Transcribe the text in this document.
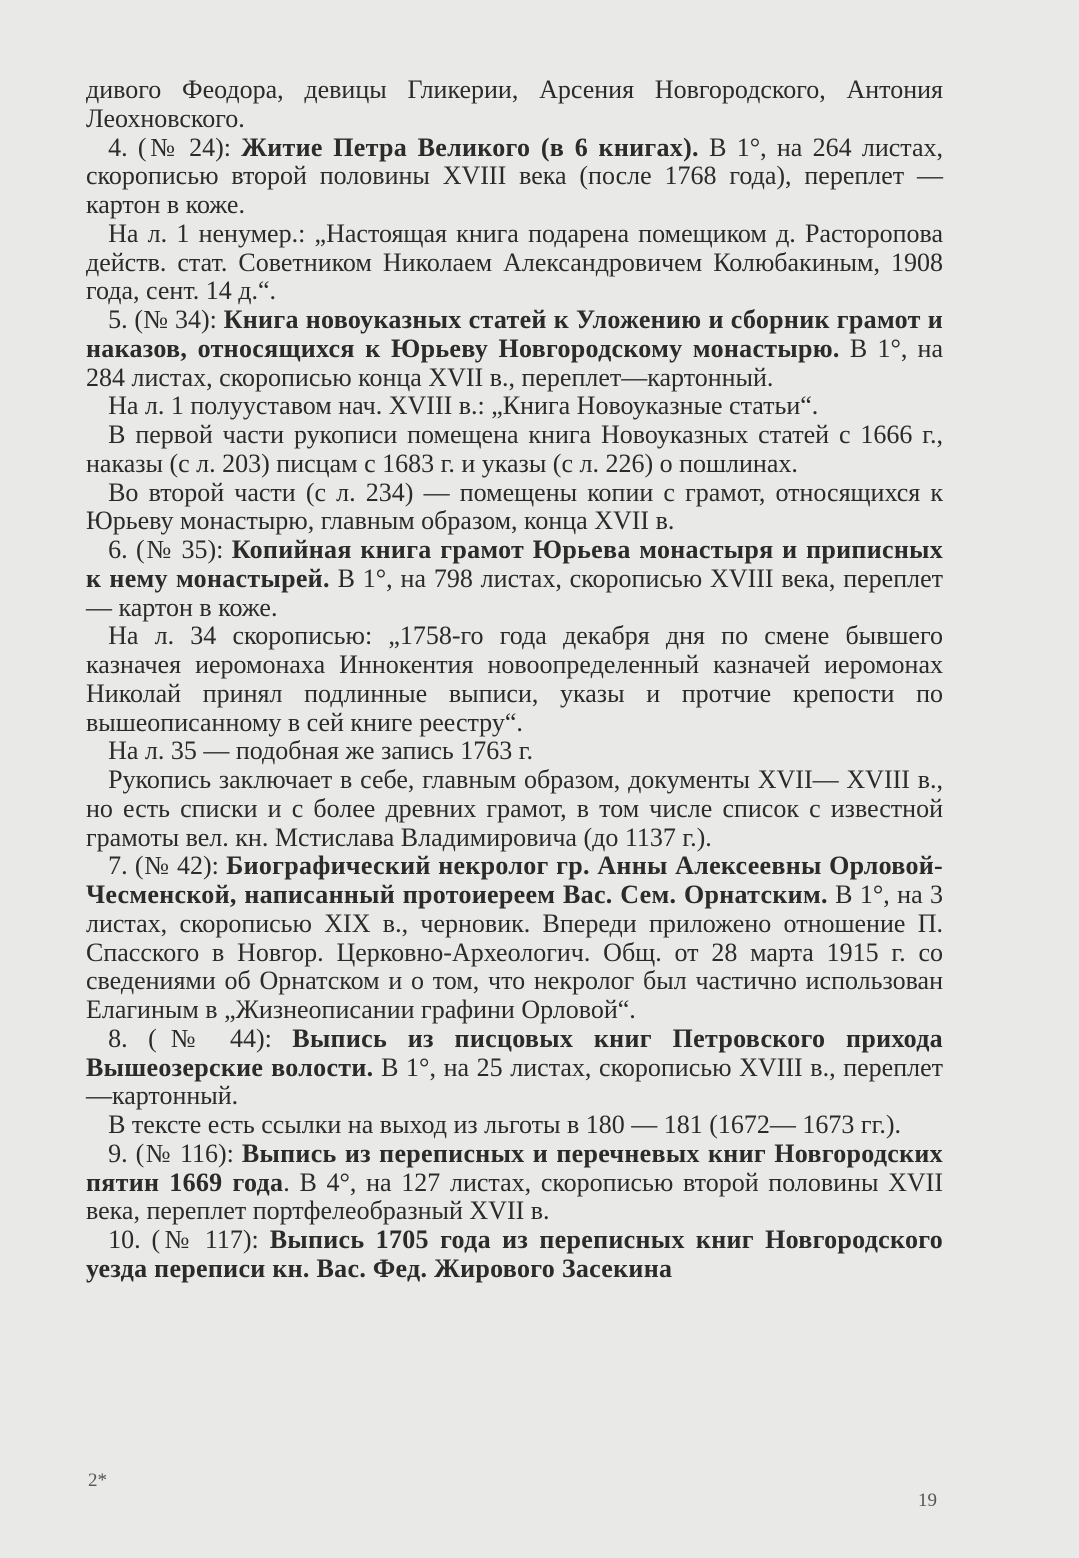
дивого Феодора, девицы Гликерии, Арсения Новгородского, Антония Леохновского.

4. (№ 24): Житие Петра Великого (в 6 книгах). В 1°, на 264 листах, скорописью второй половины XVIII века (после 1768 года), переплет — картон в коже.

На л. 1 ненумер.: „Настоящая книга подарена помещиком д. Расторопова действ. стат. Советником Николаем Александровичем Колюбакиным, 1908 года, сент. 14 д.“.

5. (№ 34): Книга новоуказных статей к Уложению и сборник грамот и наказов, относящихся к Юрьеву Новгородскому монастырю. В 1°, на 284 листах, скорописью конца XVII в., переплет—картонный.

На л. 1 полууставом нач. XVIII в.: „Книга Новоуказные статьи“.

В первой части рукописи помещена книга Новоуказных статей с 1666 г., наказы (с л. 203) писцам с 1683 г. и указы (с л. 226) о пошлинах.

Во второй части (с л. 234) — помещены копии с грамот, относящихся к Юрьеву монастырю, главным образом, конца XVII в.

6. (№ 35): Копийная книга грамот Юрьева монастыря и приписных к нему монастырей. В 1°, на 798 листах, скорописью XVIII века, переплет — картон в коже.

На л. 34 скорописью: „1758-го года декабря дня по смене бывшего казначея иеромонаха Иннокентия новоопределенный казначей иеромонах Николай принял подлинные выписи, указы и протчие крепости по вышеописанному в сей книге реестру“.

На л. 35 — подобная же запись 1763 г.

Рукопись заключает в себе, главным образом, документы XVII— XVIII в., но есть списки и с более древних грамот, в том числе список с известной грамоты вел. кн. Мстислава Владимировича (до 1137 г.).

7. (№ 42): Биографический некролог гр. Анны Алексеевны Орловой-Чесменской, написанный протоиереем Вас. Сем. Орнатским. В 1°, на 3 листах, скорописью XIX в., черновик. Впереди приложено отношение П. Спасского в Новгор. Церковно-Археологич. Общ. от 28 марта 1915 г. со сведениями об Орнатском и о том, что некролог был частично использован Елагиным в „Жизнеописании графини Орловой“.

8. (№ 44): Выпись из писцовых книг Петровского прихода Вышеозерские волости. В 1°, на 25 листах, скорописью XVIII в., переплет—картонный.

В тексте есть ссылки на выход из льготы в 180 — 181 (1672— 1673 гг.).

9. (№ 116): Выпись из переписных и перечневых книг Новгородских пятин 1669 года. В 4°, на 127 листах, скорописью второй половины XVII века, переплет портфелеобразный XVII в.

10. (№ 117): Выпись 1705 года из переписных книг Новгородского уезда переписи кн. Вас. Фед. Жирового Засекина

2*
19
